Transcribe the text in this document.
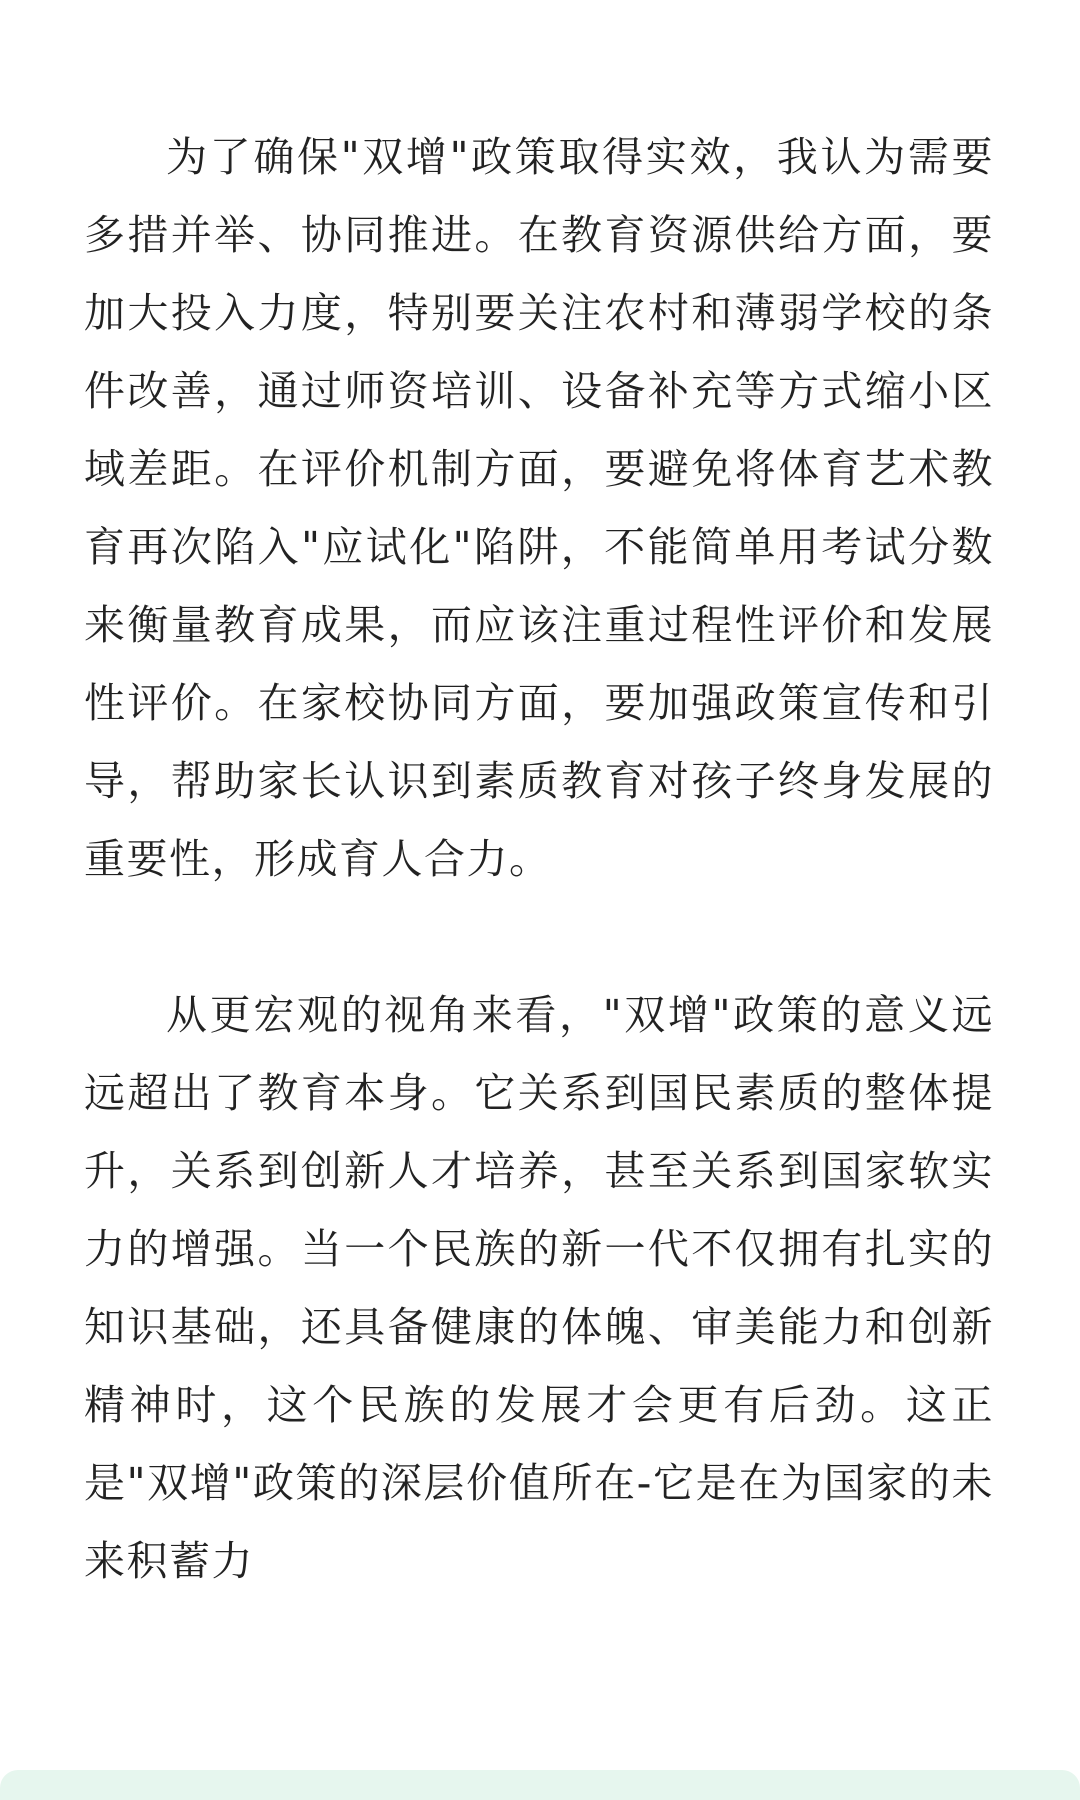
为了确保"双增"政策取得实效，我认为需要多措并举、协同推进。在教育资源供给方面，要加大投入力度，特别要关注农村和薄弱学校的条件改善，通过师资培训、设备补充等方式缩小区域差距。在评价机制方面，要避免将体育艺术教育再次陷入"应试化"陷阱，不能简单用考试分数来衡量教育成果，而应该注重过程性评价和发展性评价。在家校协同方面，要加强政策宣传和引导，帮助家长认识到素质教育对孩子终身发展的重要性，形成育人合力。

从更宏观的视角来看，"双增"政策的意义远远超出了教育本身。它关系到国民素质的整体提升，关系到创新人才培养，甚至关系到国家软实力的增强。当一个民族的新一代不仅拥有扎实的知识基础，还具备健康的体魄、审美能力和创新精神时，这个民族的发展才会更有后劲。这正是"双增"政策的深层价值所在-它是在为国家的未来积蓄力
